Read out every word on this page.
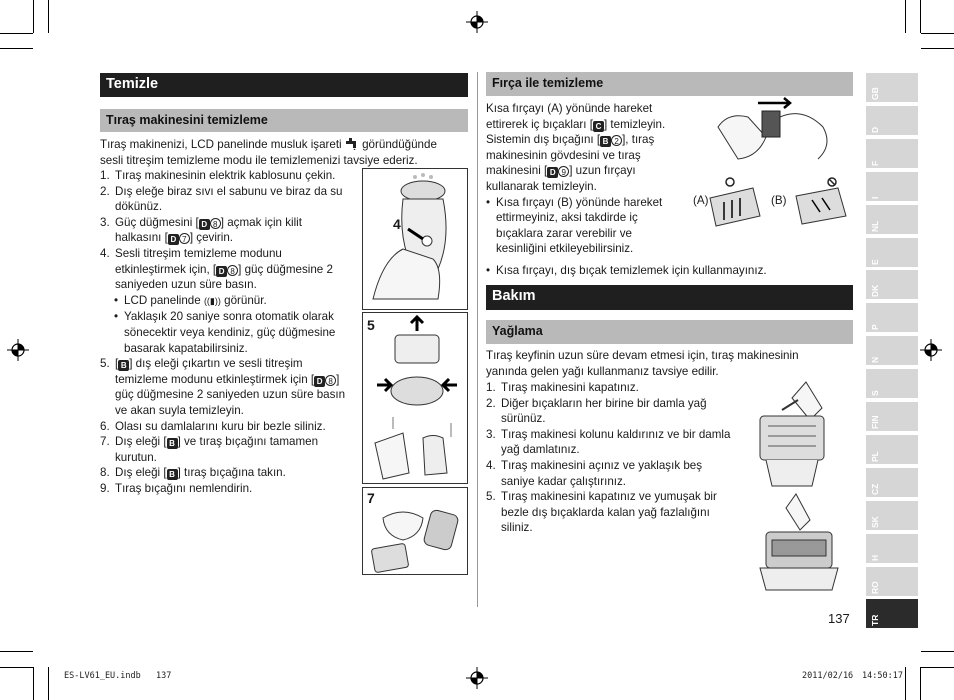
Temizle
Tıraş makinesini temizleme

Tıraş makinenizi, LCD panelinde musluk işareti göründüğünde

sesli titreşim temizleme modu ile temizlemenizi tavsiye ederiz.

1. Tıraş makinesinin elektrik kablosunu çekin.
2. Dış eleğe biraz sıvı el sabunu ve biraz da su
dökünüz.
3. Güç düğmesini [ D 8 ] açmak için kilit
halkasını [ D 7 ] çevirin.
4. Sesli titreşim temizleme modunu
etkinleştirmek için, [ D 8 ] güç düğmesine 2
saniyeden uzun süre basın.
• LCD panelinde ((▮)) görünür.
• Yaklaşık 20 saniye sonra otomatik olarak
sönecektir veya kendiniz, güç düğmesine
basarak kapatabilirsiniz.
5. [ B ] dış eleği çıkartın ve sesli titreşim
temizleme modunu etkinleştirmek için [ D 8 ]
güç düğmesine 2 saniyeden uzun süre basın
ve akan suyla temizleyin.
6. Olası su damlalarını kuru bir bezle siliniz.
7. Dış eleği [ B ] ve tıraş bıçağını tamamen
kurutun.
8. Dış eleği [ B ] tıraş bıçağına takın.
9. Tıraş bıçağını nemlendirin.
4
5
7
Fırça ile temizleme

Kısa fırçayı (A) yönünde hareket

ettirerek iç bıçakları [ C ] temizleyin.

Sistemin dış bıçağını [ B 2 ], tıraş

makinesinin gövdesini ve tıraş

makinesini [ D 9 ] uzun fırçayı

kullanarak temizleyin.

• Kısa fırçayı (B) yönünde hareket
ettirmeyiniz, aksi takdirde iç
bıçaklara zarar verebilir ve
kesinliğini etkileyebilirsiniz.
(A)	(B)
• Kısa fırçayı, dış bıçak temizlemek için kullanmayınız.
Bakım
Yağlama

Tıraş keyfinin uzun süre devam etmesi için, tıraş makinesinin

yanında gelen yağı kullanmanız tavsiye edilir.

1. Tıraş makinesini kapatınız.
2. Diğer bıçakların her birine bir damla yağ
sürünüz.
3. Tıraş makinesi kolunu kaldırınız ve bir damla
yağ damlatınız.
4. Tıraş makinesini açınız ve yaklaşık beş
saniye kadar çalıştırınız.
5. Tıraş makinesini kapatınız ve yumuşak bir
bezle dış bıçaklarda kalan yağ fazlalığını
siliniz.
137
GB
D
F
I
NL
E
DK
P
N
S
FIN
PL
CZ
SK
H
RO
TR
ES-LV61_EU.indb 137	2011/02/16 14:50:17
